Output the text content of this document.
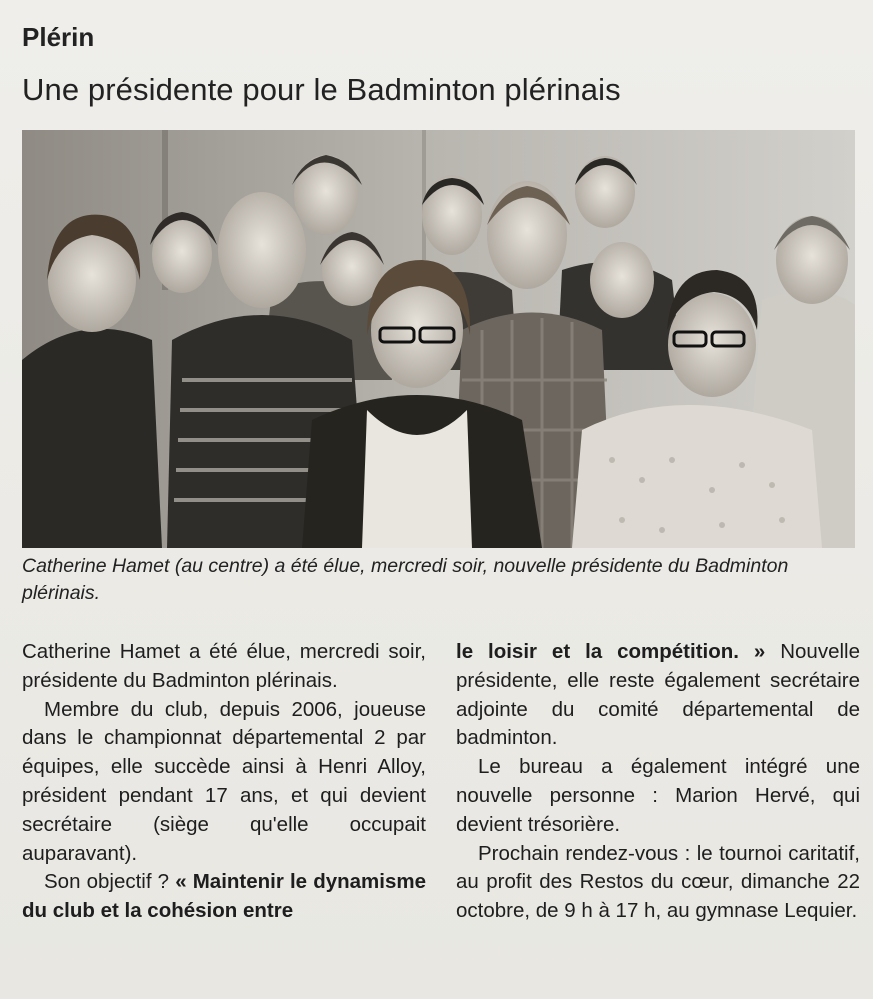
Plérin
Une présidente pour le Badminton plérinais
Catherine Hamet (au centre) a été élue, mercredi soir, nouvelle présidente du Badminton plérinais.

Catherine Hamet a été élue, mercredi soir, présidente du Badminton plérinais.

Membre du club, depuis 2006, joueuse dans le championnat départemental 2 par équipes, elle succède ainsi à Henri Alloy, président pendant 17 ans, et qui devient secrétaire (siège qu'elle occupait auparavant).

Son objectif ? « Maintenir le dynamisme du club et la cohésion entre

le loisir et la compétition. » Nouvelle présidente, elle reste également secrétaire adjointe du comité départemental de badminton.

Le bureau a également intégré une nouvelle personne : Marion Hervé, qui devient trésorière.

Prochain rendez-vous : le tournoi caritatif, au profit des Restos du cœur, dimanche 22 octobre, de 9 h à 17 h, au gymnase Lequier.
